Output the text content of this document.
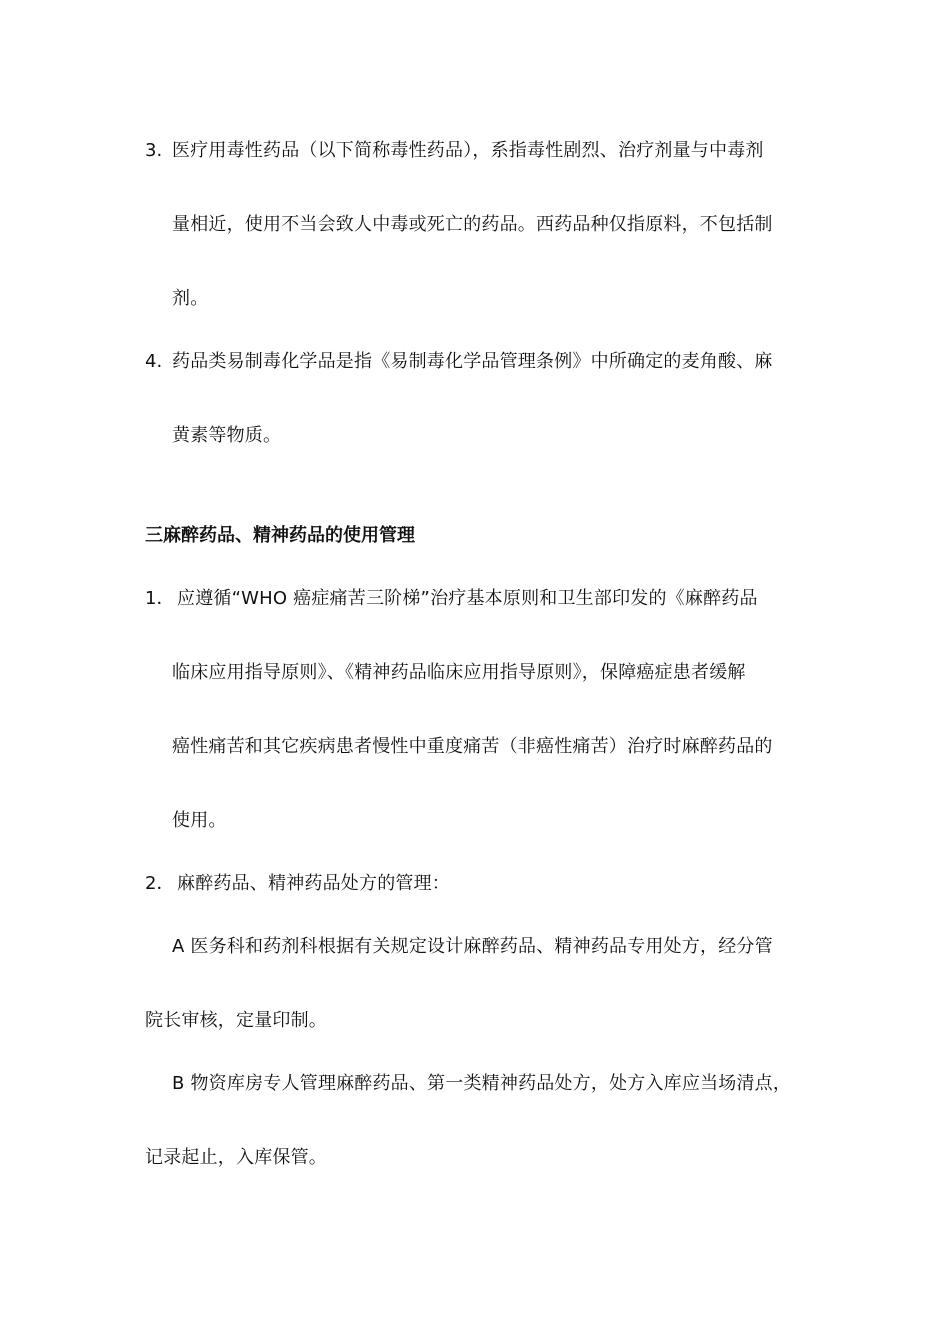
3. 医疗用毒性药品（以下简称毒性药品），系指毒性剧烈、治疗剂量与中毒剂
量相近，使用不当会致人中毒或死亡的药品。西药品种仅指原料，不包括制
剂。
4. 药品类易制毒化学品是指《易制毒化学品管理条例》中所确定的麦角酸、麻
黄素等物质。
三麻醉药品、精神药品的使用管理
1． 应遵循“WHO 癌症痛苦三阶梯”治疗基本原则和卫生部印发的《麻醉药品
临床应用指导原则》、《精神药品临床应用指导原则》，保障癌症患者缓解
癌性痛苦和其它疾病患者慢性中重度痛苦（非癌性痛苦）治疗时麻醉药品的
使用。
2． 麻醉药品、精神药品处方的管理：
A 医务科和药剂科根据有关规定设计麻醉药品、精神药品专用处方，经分管
院长审核，定量印制。
B 物资库房专人管理麻醉药品、第一类精神药品处方，处方入库应当场清点，
记录起止，入库保管。
